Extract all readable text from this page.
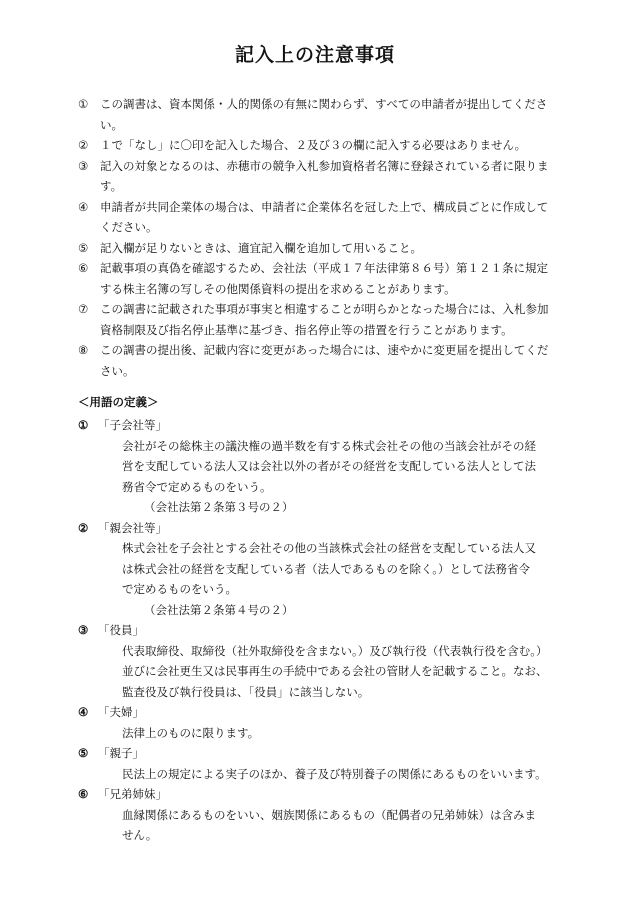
記入上の注意事項
① この調書は、資本関係・人的関係の有無に関わらず、すべての申請者が提出してください。
② １で「なし」に〇印を記入した場合、２及び３の欄に記入する必要はありません。
③ 記入の対象となるのは、赤穂市の競争入札参加資格者名簿に登録されている者に限ります。
④ 申請者が共同企業体の場合は、申請者に企業体名を冠した上で、構成員ごとに作成してください。
⑤ 記入欄が足りないときは、適宜記入欄を追加して用いること。
⑥ 記載事項の真偽を確認するため、会社法（平成１７年法律第８６号）第１２１条に規定する株主名簿の写しその他関係資料の提出を求めることがあります。
⑦ この調書に記載された事項が事実と相違することが明らかとなった場合には、入札参加資格制限及び指名停止基準に基づき、指名停止等の措置を行うことがあります。
⑧ この調書の提出後、記載内容に変更があった場合には、速やかに変更届を提出してください。
＜用語の定義＞
① 「子会社等」
会社がその総株主の議決権の過半数を有する株式会社その他の当該会社がその経
営を支配している法人又は会社以外の者がその経営を支配している法人として法
務省令で定めるものをいう。
（会社法第２条第３号の２）
② 「親会社等」
株式会社を子会社とする会社その他の当該株式会社の経営を支配している法人又
は株式会社の経営を支配している者（法人であるものを除く。）として法務省令
で定めるものをいう。
（会社法第２条第４号の２）
③ 「役員」
代表取締役、取締役（社外取締役を含まない。）及び執行役（代表執行役を含む。）
並びに会社更生又は民事再生の手続中である会社の管財人を記載すること。なお、
監査役及び執行役員は、「役員」に該当しない。
④ 「夫婦」
法律上のものに限ります。
⑤ 「親子」
民法上の規定による実子のほか、養子及び特別養子の関係にあるものをいいます。
⑥ 「兄弟姉妹」
血縁関係にあるものをいい、姻族関係にあるもの（配偶者の兄弟姉妹）は含みま
せん。
